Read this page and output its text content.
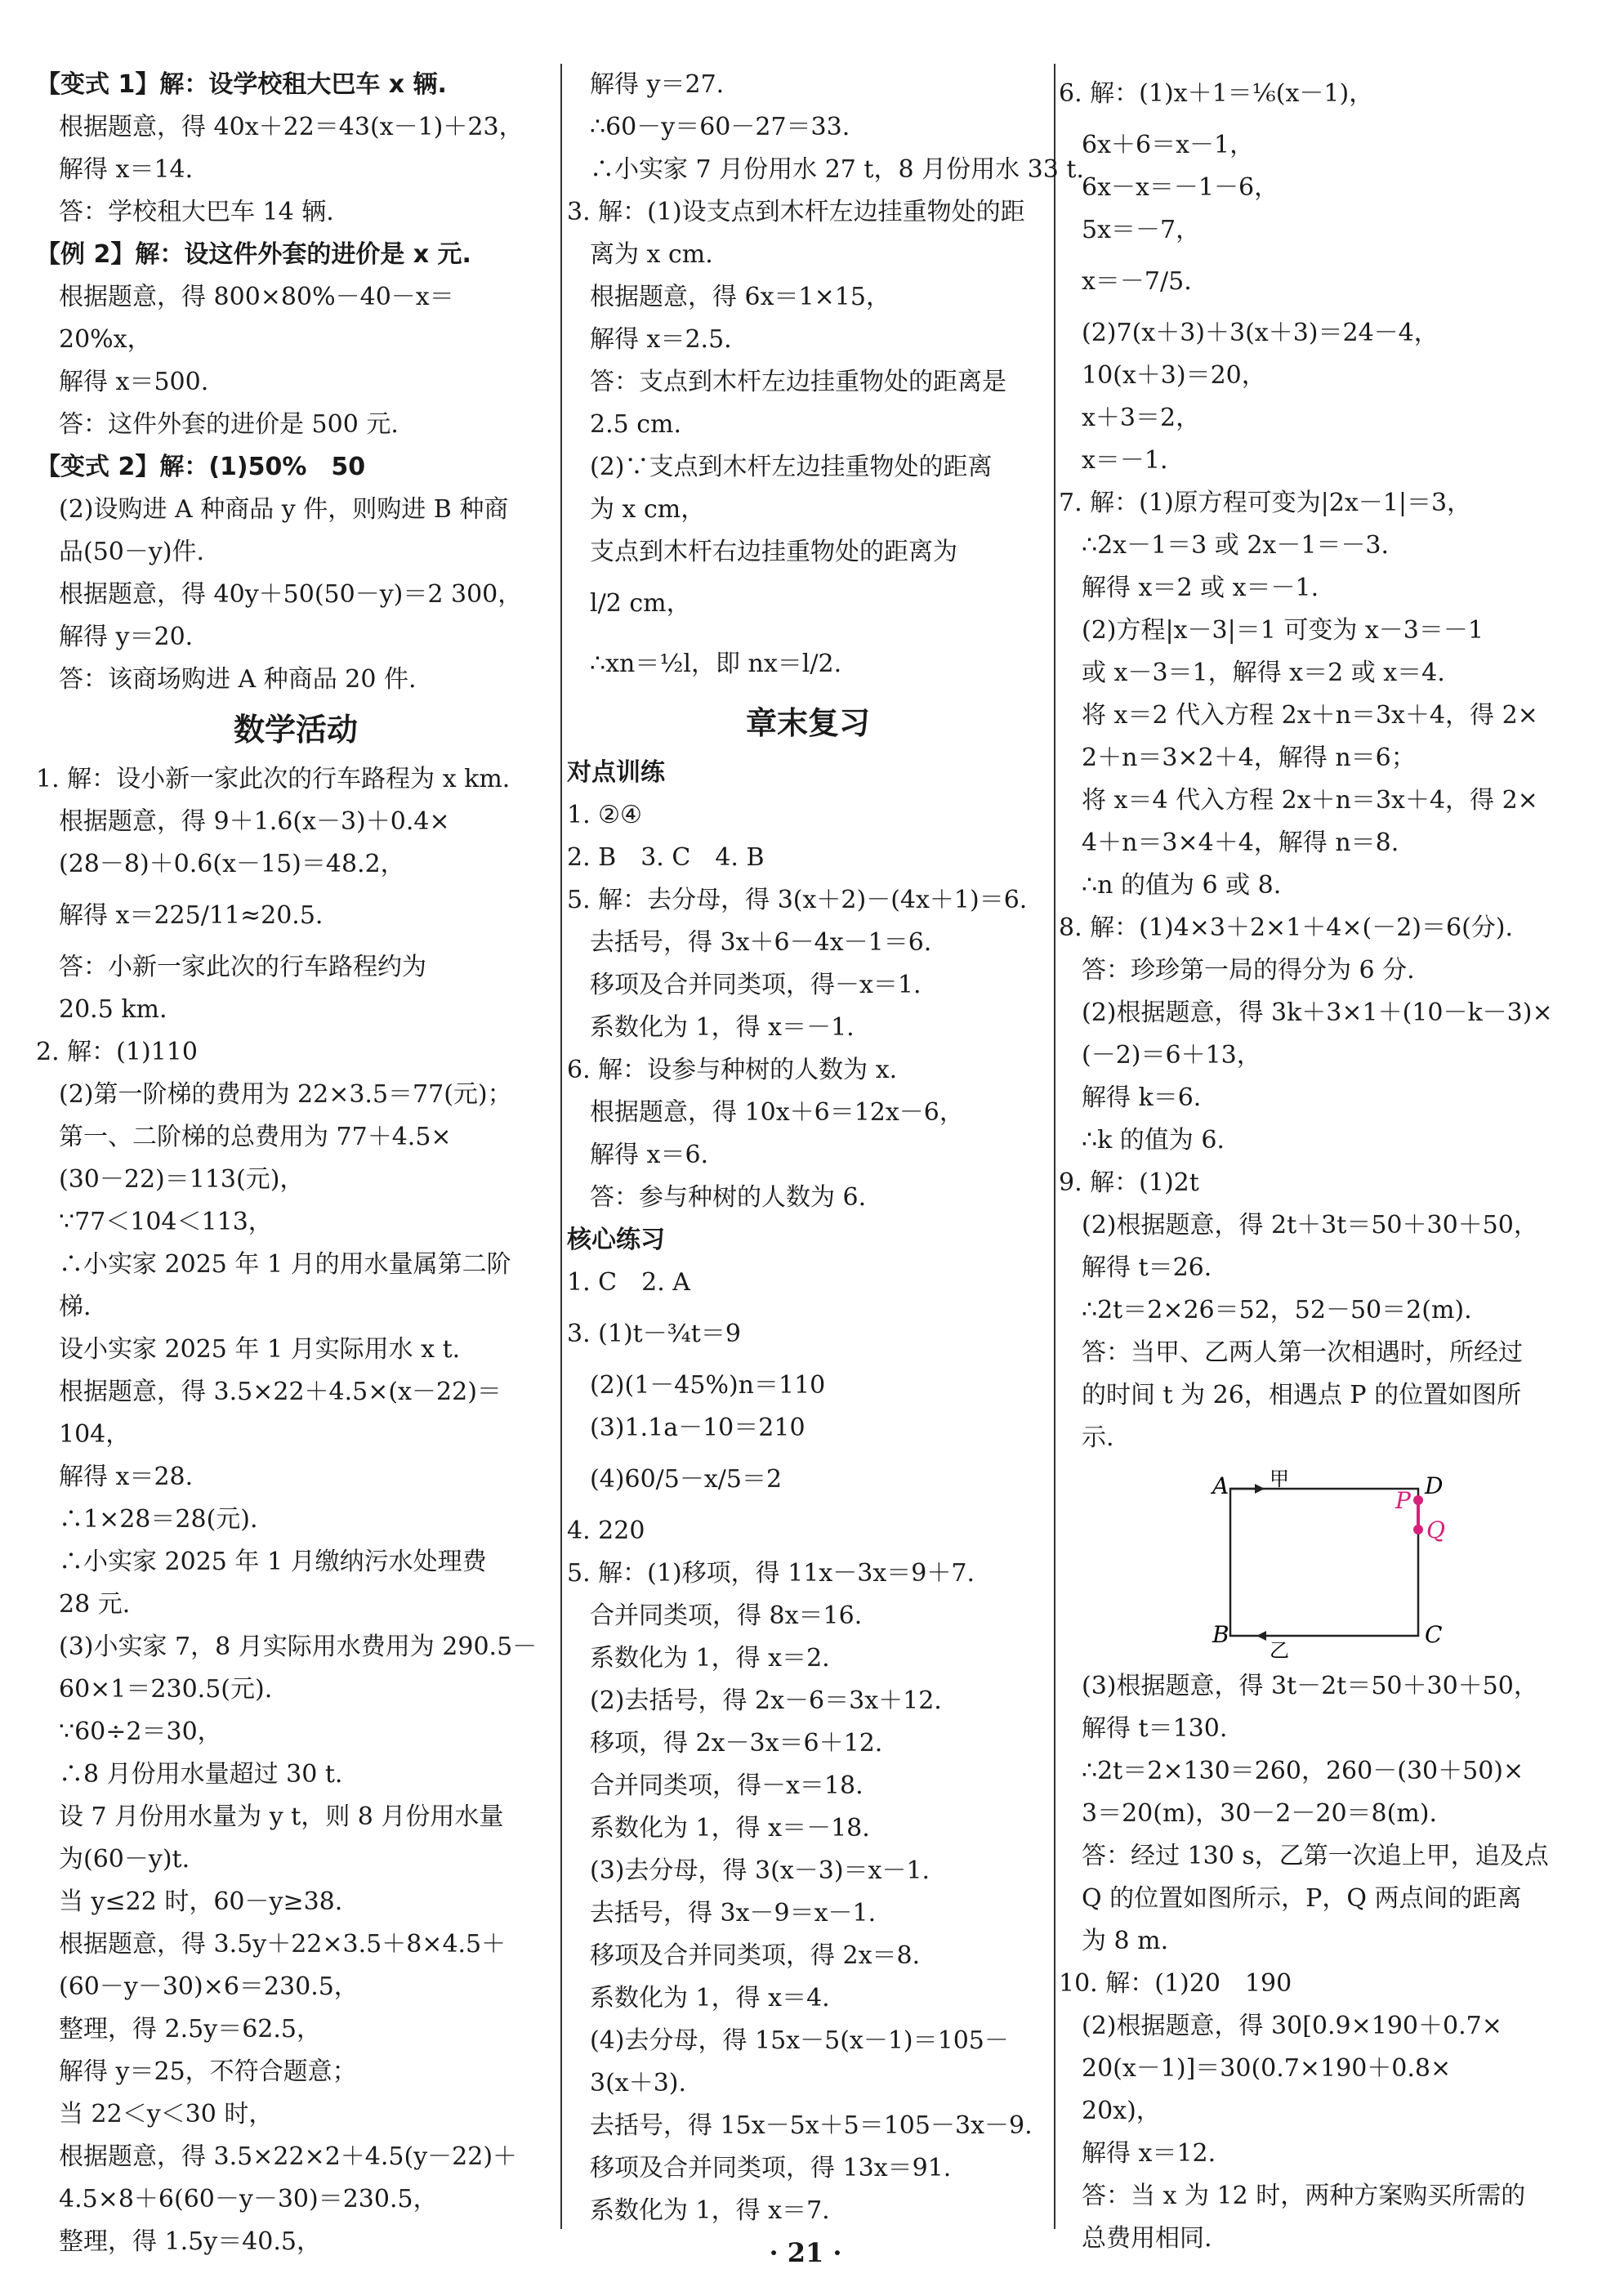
【变式 1】解：设学校租大巴车 x 辆.
根据题意，得 40x＋22＝43(x－1)＋23，
解得 x＝14.
答：学校租大巴车 14 辆.
【例 2】解：设这件外套的进价是 x 元.
根据题意，得 800×80%－40－x＝
20%x，
解得 x＝500.
答：这件外套的进价是 500 元.
【变式 2】解：(1)50%　50
(2)设购进 A 种商品 y 件，则购进 B 种商
品(50－y)件.
根据题意，得 40y＋50(50－y)＝2 300，
解得 y＝20.
答：该商场购进 A 种商品 20 件.
数学活动
1. 解：设小新一家此次的行车路程为 x km.
根据题意，得 9＋1.6(x－3)＋0.4×
(28－8)＋0.6(x－15)＝48.2，
解得 x＝225/11≈20.5.
答：小新一家此次的行车路程约为
20.5 km.
2. 解：(1)110
(2)第一阶梯的费用为 22×3.5＝77(元)；
第一、二阶梯的总费用为 77＋4.5×
(30－22)＝113(元)，
∵77＜104＜113，
∴小实家 2025 年 1 月的用水量属第二阶
梯.
设小实家 2025 年 1 月实际用水 x t.
根据题意，得 3.5×22＋4.5×(x－22)＝
104，
解得 x＝28.
∴1×28＝28(元).
∴小实家 2025 年 1 月缴纳污水处理费
28 元.
(3)小实家 7，8 月实际用水费用为 290.5－
60×1＝230.5(元).
∵60÷2＝30，
∴8 月份用水量超过 30 t.
设 7 月份用水量为 y t，则 8 月份用水量
为(60－y)t.
当 y≤22 时，60－y≥38.
根据题意，得 3.5y＋22×3.5＋8×4.5＋
(60－y－30)×6＝230.5，
整理，得 2.5y＝62.5，
解得 y＝25，不符合题意；
当 22＜y＜30 时，
根据题意，得 3.5×22×2＋4.5(y－22)＋
4.5×8＋6(60－y－30)＝230.5，
整理，得 1.5y＝40.5，
解得 y＝27.
∴60－y＝60－27＝33.
∴小实家 7 月份用水 27 t，8 月份用水 33 t.
3. 解：(1)设支点到木杆左边挂重物处的距
离为 x cm.
根据题意，得 6x＝1×15，
解得 x＝2.5.
答：支点到木杆左边挂重物处的距离是
2.5 cm.
(2)∵支点到木杆左边挂重物处的距离
为 x cm，
支点到木杆右边挂重物处的距离为
l/2 cm，
∴xn＝½l，即 nx＝l/2.
章末复习
对点训练
1. ②④
2. B　3. C　4. B
5. 解：去分母，得 3(x＋2)－(4x＋1)＝6.
去括号，得 3x＋6－4x－1＝6.
移项及合并同类项，得－x＝1.
系数化为 1，得 x＝－1.
6. 解：设参与种树的人数为 x.
根据题意，得 10x＋6＝12x－6，
解得 x＝6.
答：参与种树的人数为 6.
核心练习
1. C　2. A
3. (1)t－¾t＝9
(2)(1－45%)n＝110
(3)1.1a－10＝210
(4)60/5－x/5＝2
4. 220
5. 解：(1)移项，得 11x－3x＝9＋7.
合并同类项，得 8x＝16.
系数化为 1，得 x＝2.
(2)去括号，得 2x－6＝3x＋12.
移项，得 2x－3x＝6＋12.
合并同类项，得－x＝18.
系数化为 1，得 x＝－18.
(3)去分母，得 3(x－3)＝x－1.
去括号，得 3x－9＝x－1.
移项及合并同类项，得 2x＝8.
系数化为 1，得 x＝4.
(4)去分母，得 15x－5(x－1)＝105－
3(x＋3).
去括号，得 15x－5x＋5＝105－3x－9.
移项及合并同类项，得 13x＝91.
系数化为 1，得 x＝7.
6. 解：(1)x＋1＝⅙(x－1)，
6x＋6＝x－1，
6x－x＝－1－6，
5x＝－7，
x＝－7/5.
(2)7(x＋3)＋3(x＋3)＝24－4，
10(x＋3)＝20，
x＋3＝2，
x＝－1.
7. 解：(1)原方程可变为|2x－1|＝3，
∴2x－1＝3 或 2x－1＝－3.
解得 x＝2 或 x＝－1.
(2)方程|x－3|＝1 可变为 x－3＝－1
或 x－3＝1，解得 x＝2 或 x＝4.
将 x＝2 代入方程 2x＋n＝3x＋4，得 2×
2＋n＝3×2＋4，解得 n＝6；
将 x＝4 代入方程 2x＋n＝3x＋4，得 2×
4＋n＝3×4＋4，解得 n＝8.
∴n 的值为 6 或 8.
8. 解：(1)4×3＋2×1＋4×(－2)＝6(分).
答：珍珍第一局的得分为 6 分.
(2)根据题意，得 3k＋3×1＋(10－k－3)×
(－2)＝6＋13，
解得 k＝6.
∴k 的值为 6.
9. 解：(1)2t
(2)根据题意，得 2t＋3t＝50＋30＋50，
解得 t＝26.
∴2t＝2×26＝52，52－50＝2(m).
答：当甲、乙两人第一次相遇时，所经过
的时间 t 为 26，相遇点 P 的位置如图所
示.
A 甲	D
P
Q
B
乙
C
(3)根据题意，得 3t－2t＝50＋30＋50，
解得 t＝130.
∴2t＝2×130＝260，260－(30＋50)×
3＝20(m)，30－2－20＝8(m).
答：经过 130 s，乙第一次追上甲，追及点
Q 的位置如图所示，P，Q 两点间的距离
为 8 m.
10. 解：(1)20　190
(2)根据题意，得 30[0.9×190＋0.7×
20(x－1)]＝30(0.7×190＋0.8×
20x)，
解得 x＝12.
答：当 x 为 12 时，两种方案购买所需的
总费用相同.
· 21 ·
